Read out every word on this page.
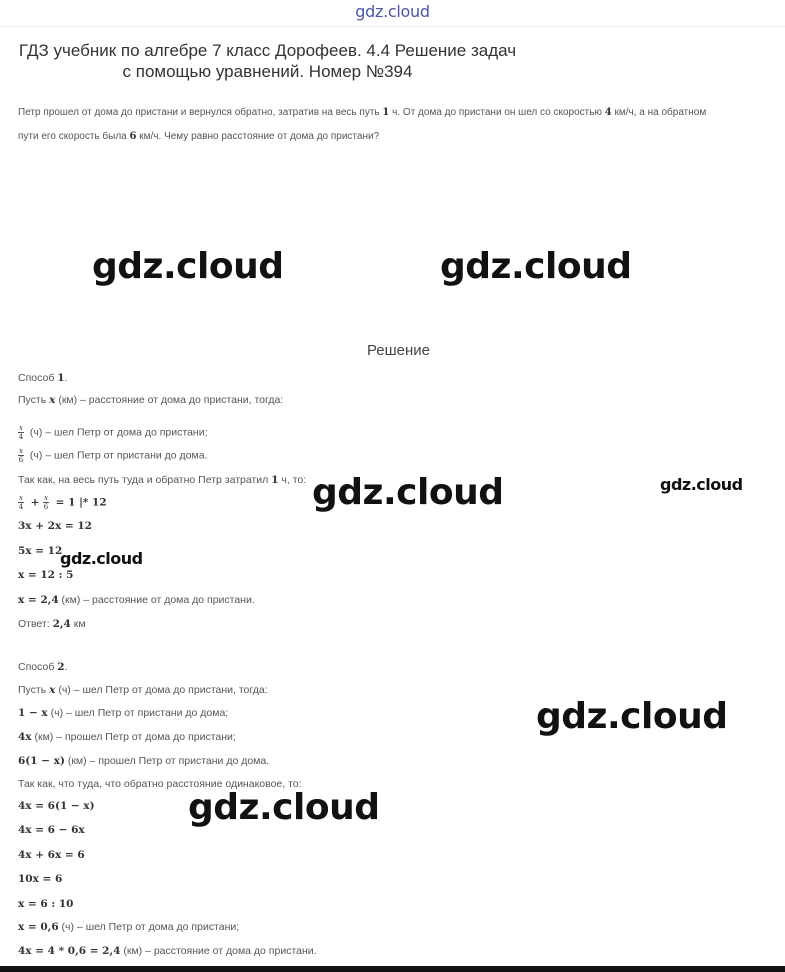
gdz.cloud
ГДЗ учебник по алгебре 7 класс Дорофеев. 4.4 Решение задач
с помощью уравнений. Номер №394
Петр прошел от дома до пристани и вернулся обратно, затратив на весь путь 1 ч. От дома до пристани он шел со скоростью 4 км/ч, а на обратном
пути его скорость была 6 км/ч. Чему равно расстояние от дома до пристани?
gdz.cloud	gdz.cloud
Решение
Способ 1.
Пусть x (км) – расстояние от дома до пристани, тогда:
$\frac{x}{4} (ч)$ – шел Петр от дома до пристани;
$\frac{x}{6} (ч)$ – шел Петр от пристани до дома.
Так как, на весь путь туда и обратно Петр затратил 1 ч, то:
$\frac{x}{4} + \frac{x}{6} = 1$ |* 12
3x + 2x = 12
5x = 12
x = 12 : 5
x = 2,4 (км) – расстояние от дома до пристани.
Ответ: 2,4 км
gdz.cloud	gdz.cloud
gdz.cloud
Способ 2.
Пусть x (ч) – шел Петр от дома до пристани, тогда:
1 − x (ч) – шел Петр от пристани до дома;
4x (км) – прошел Петр от дома до пристани;
6(1 − x) (км) – прошел Петр от пристани до дома.
Так как, что туда, что обратно расстояние одинаковое, то:
4x = 6(1 − x)
4x = 6 − 6x
4x + 6x = 6
10x = 6
x = 6 : 10
x = 0,6 (ч) – шел Петр от дома до пристани;
4x = 4 * 0,6 = 2,4 (км) – расстояние от дома до пристани.
gdz.cloud
gdz.cloud
